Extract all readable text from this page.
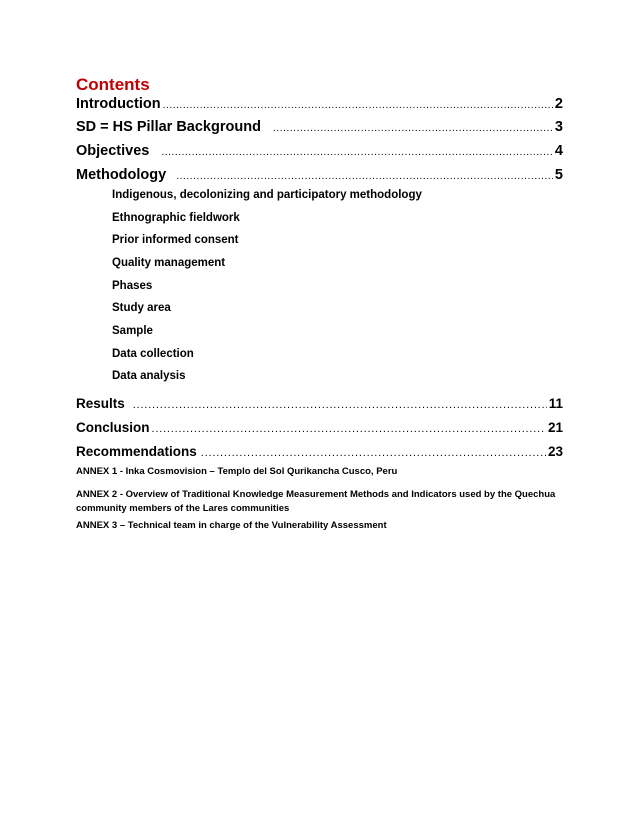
Contents
Introduction .....	2
SD = HS Pillar Background .....	3
Objectives .....	4
Methodology .....	5
Indigenous, decolonizing and participatory methodology
Ethnographic fieldwork
Prior informed consent
Quality management
Phases
Study area
Sample
Data collection
Data analysis
Results .....	11
Conclusion .....	21
Recommendations .....	23
ANNEX 1 - Inka Cosmovision – Templo del Sol Qurikancha Cusco, Peru
ANNEX 2 - Overview of Traditional Knowledge Measurement Methods and Indicators used by the Quechua community members of the Lares communities
ANNEX 3 – Technical team in charge of the Vulnerability Assessment
